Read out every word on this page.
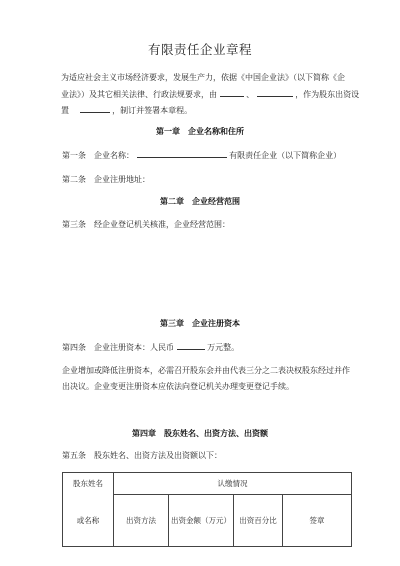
有限责任企业章程
为适应社会主义市场经济要求，发展生产力，依据《中国企业法》（以下简称《企
业法》）及其它相关法律、行政法规要求，由	、	，作为股东出资设
置	，制订并签署本章程。
第一章　企业名称和住所
第一条　企业名称：	有限责任企业（以下简称企业）
第二条　企业注册地址：
第二章　企业经营范围
第三条　经企业登记机关核准，企业经营范围：
第三章　企业注册资本
第四条　企业注册资本：人民币	万元整。
企业增加或降低注册资本，必需召开股东会并由代表三分之二表决权股东经过并作
出决议。企业变更注册资本应依法向登记机关办理变更登记手续。
第四章　股东姓名、出资方法、出资额
第五条　股东姓名、出资方法及出资额以下：
股东姓名	认缴情况			
或名称	出资方法	出资金额（万元）	出资百分比	签章
